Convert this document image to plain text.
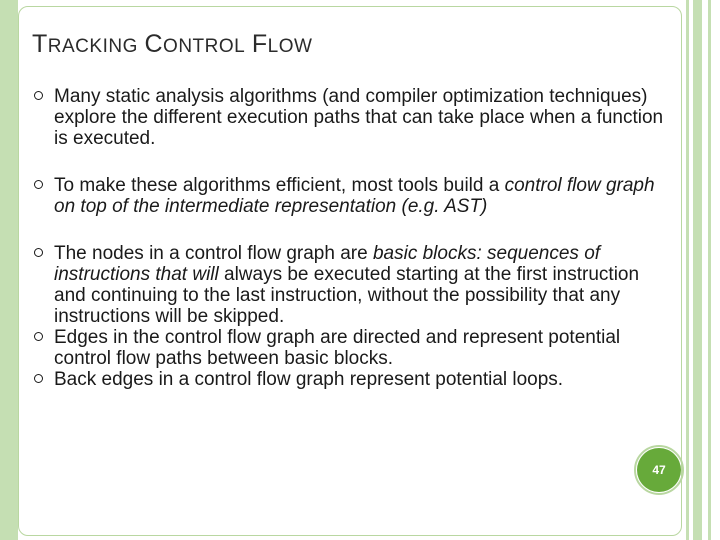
TRACKING CONTROL FLOW
Many static analysis algorithms (and compiler optimization techniques) explore the different execution paths that can take place when a function is executed.
To make these algorithms efficient, most tools build a control flow graph on top of the intermediate representation (e.g. AST)
The nodes in a control flow graph are basic blocks: sequences of instructions that will always be executed starting at the first instruction and continuing to the last instruction, without the possibility that any instructions will be skipped.
Edges in the control flow graph are directed and represent potential control flow paths between basic blocks.
Back edges in a control flow graph represent potential loops.
47
